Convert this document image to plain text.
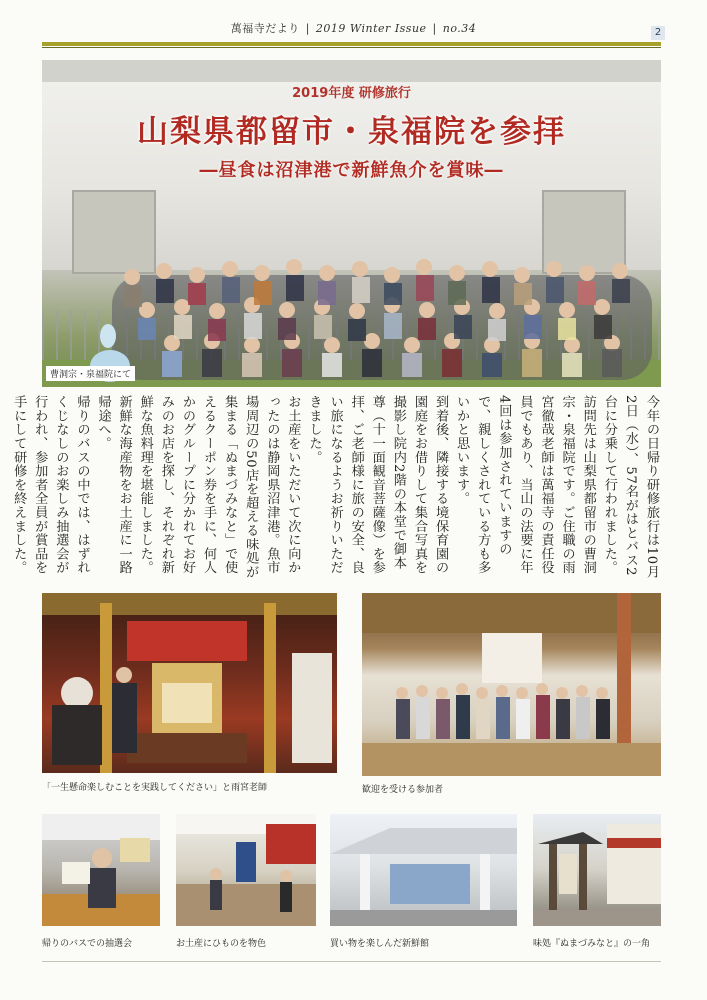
萬福寺だより | 2019 Winter Issue | no.34	2
2019年度 研修旅行
山梨県都留市・泉福院を参拝
―昼食は沼津港で新鮮魚介を賞味―
曹洞宗・泉福院にて

今年の日帰り研修旅行は10月2日（水）、57名がはとバス2台に分乗して行われました。訪問先は山梨県都留市の曹洞宗・泉福院です。ご住職の雨宮徹哉老師は萬福寺の責任役員でもあり、当山の法要に年4回は参加されていますので、親しくされている方も多いかと思います。

到着後、隣接する境保育園の園庭をお借りして集合写真を撮影し院内2階の本堂で御本尊（十一面観音菩薩像）を参拝、ご老師様に旅の安全、良い旅になるようお祈りいただきました。

お土産をいただいて次に向かったのは静岡県沼津港。魚市場周辺の50店を超える味処が集まる「ぬまづみなと」で使えるクーポン券を手に、何人かのグループに分かれてお好みのお店を探し、それぞれ新鮮な魚料理を堪能しました。新鮮な海産物をお土産に一路帰途へ。

帰りのバスの中では、はずれくじなしのお楽しみ抽選会が行われ、参加者全員が賞品を手にして研修を終えました。

「一生懸命楽しむことを実践してください」と雨宮老師	歓迎を受ける参加者
帰りのバスでの抽選会	お土産にひものを物色	買い物を楽しんだ新鮮館	味処『ぬまづみなと』の一角
